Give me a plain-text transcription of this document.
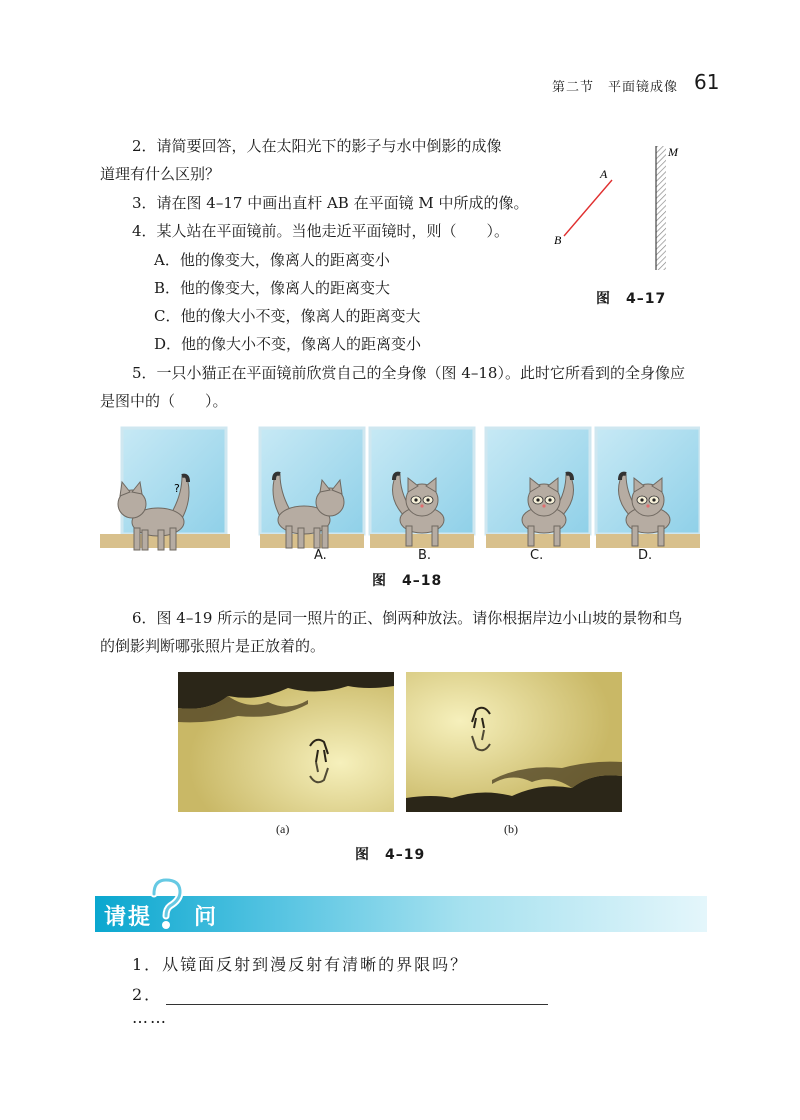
第二节　平面镜成像 61
2．请简要回答，人在太阳光下的影子与水中倒影的成像
道理有什么区别？
3．请在图 4–17 中画出直杆 AB 在平面镜 M 中所成的像。
4．某人站在平面镜前。当他走近平面镜时，则（　　）。
A．他的像变大，像离人的距离变小
B．他的像变大，像离人的距离变大
C．他的像大小不变，像离人的距离变大
D．他的像大小不变，像离人的距离变小
A
B
M
图　4–17
5．一只小猫正在平面镜前欣赏自己的全身像（图 4–18）。此时它所看到的全身像应
是图中的（　　）。
?
A.	B.	C.	D.
图　4–18
6．图 4–19 所示的是同一照片的正、倒两种放法。请你根据岸边小山坡的景物和鸟
的倒影判断哪张照片是正放着的。
(a)	(b)
图　4–19
请提 问
1．从镜面反射到漫反射有清晰的界限吗？
2．
……
